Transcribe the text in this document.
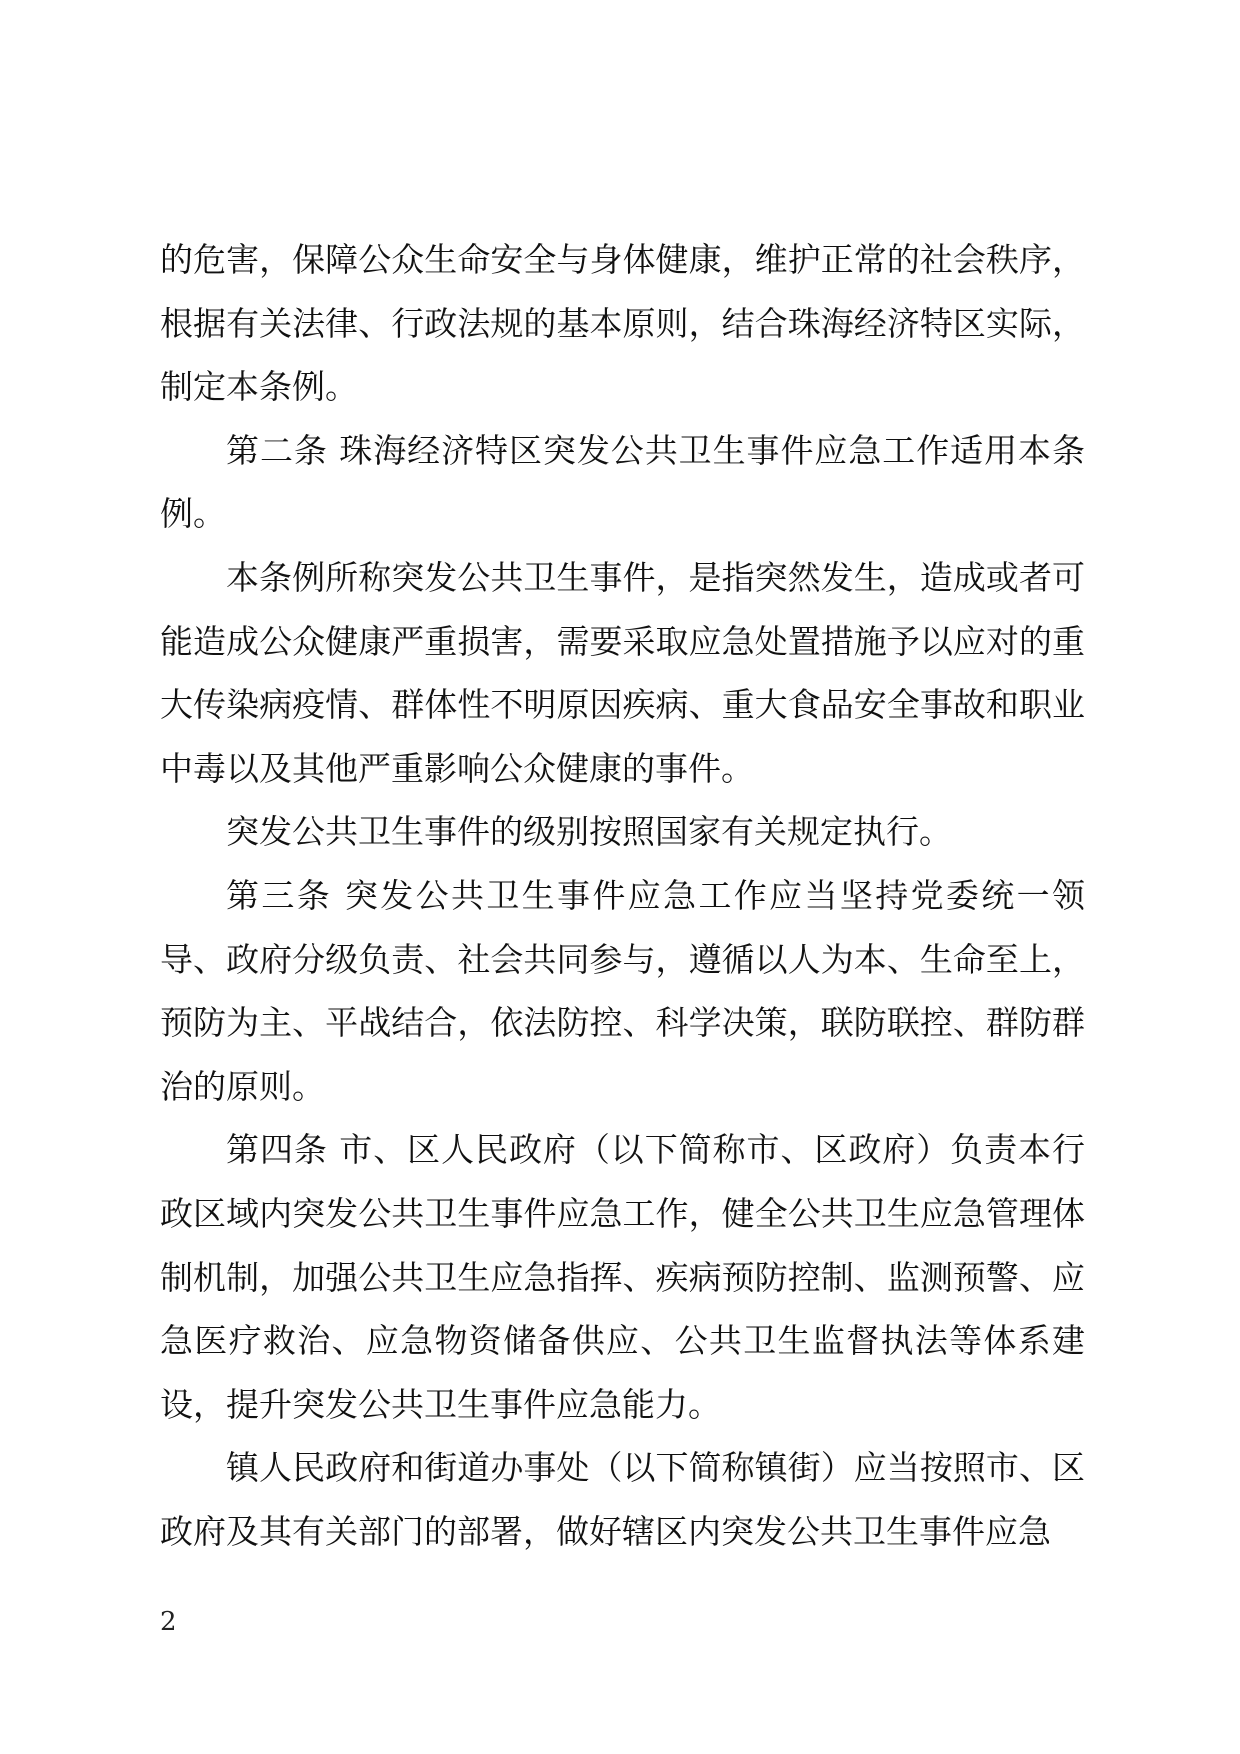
的危害，保障公众生命安全与身体健康，维护正常的社会秩序，根据有关法律、行政法规的基本原则，结合珠海经济特区实际，制定本条例。

第二条 珠海经济特区突发公共卫生事件应急工作适用本条例。

本条例所称突发公共卫生事件，是指突然发生，造成或者可能造成公众健康严重损害，需要采取应急处置措施予以应对的重大传染病疫情、群体性不明原因疾病、重大食品安全事故和职业中毒以及其他严重影响公众健康的事件。

突发公共卫生事件的级别按照国家有关规定执行。

第三条 突发公共卫生事件应急工作应当坚持党委统一领导、政府分级负责、社会共同参与，遵循以人为本、生命至上，预防为主、平战结合，依法防控、科学决策，联防联控、群防群治的原则。

第四条 市、区人民政府（以下简称市、区政府）负责本行政区域内突发公共卫生事件应急工作，健全公共卫生应急管理体制机制，加强公共卫生应急指挥、疾病预防控制、监测预警、应急医疗救治、应急物资储备供应、公共卫生监督执法等体系建设，提升突发公共卫生事件应急能力。

镇人民政府和街道办事处（以下简称镇街）应当按照市、区政府及其有关部门的部署，做好辖区内突发公共卫生事件应急

2
